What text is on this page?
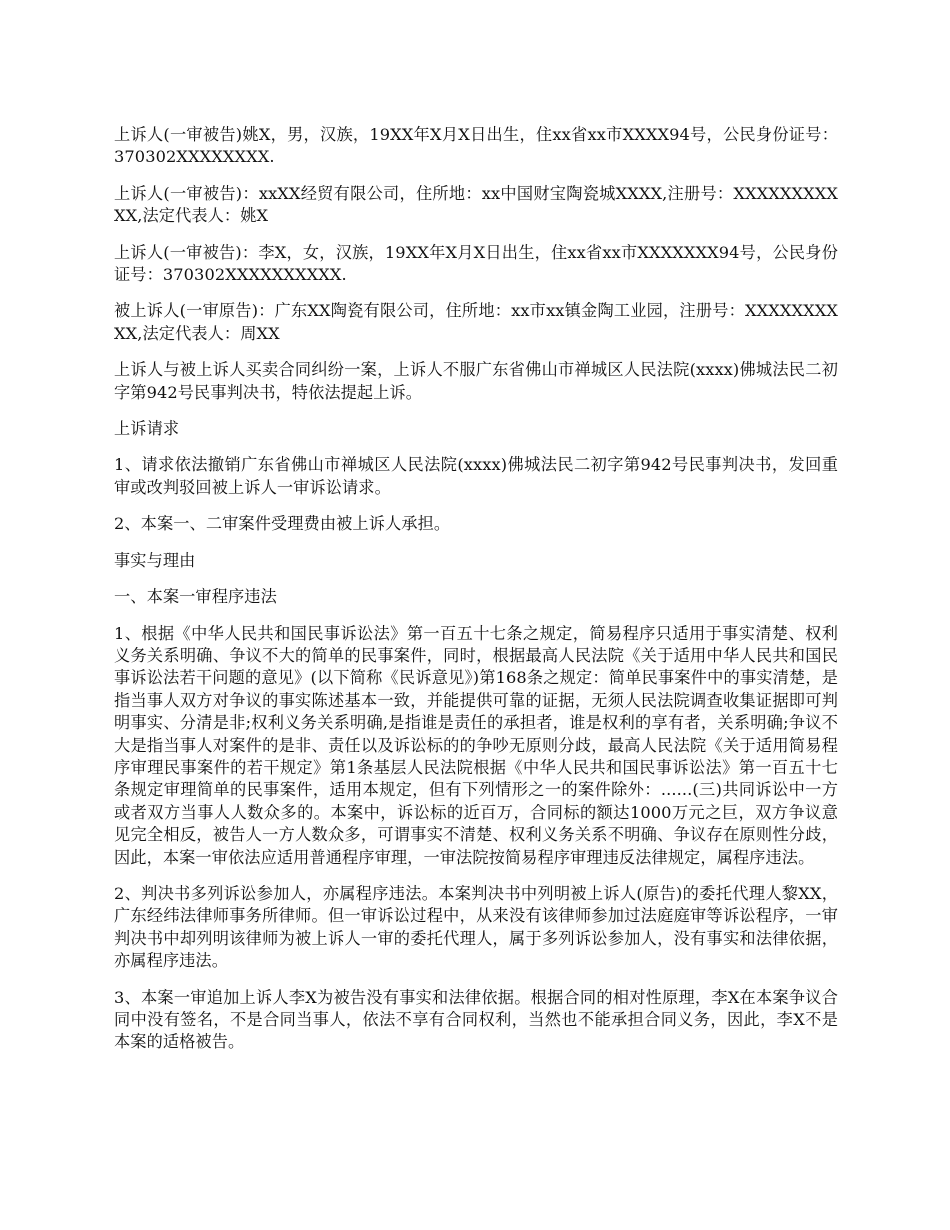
上诉人(一审被告)姚X，男，汉族，19XX年X月X日出生，住xx省xx市XXXX94号，公民身份证号：370302XXXXXXXX.

上诉人(一审被告)：xxXX经贸有限公司，住所地：xx中国财宝陶瓷城XXXX,注册号：XXXXXXXXXXX,法定代表人：姚X

上诉人(一审被告)：李X，女，汉族，19XX年X月X日出生，住xx省xx市XXXXXXX94号，公民身份证号：370302XXXXXXXXXX.

被上诉人(一审原告)：广东XX陶瓷有限公司，住所地：xx市xx镇金陶工业园，注册号：XXXXXXXXXX,法定代表人：周XX

上诉人与被上诉人买卖合同纠纷一案，上诉人不服广东省佛山市禅城区人民法院(xxxx)佛城法民二初字第942号民事判决书，特依法提起上诉。

上诉请求

1、请求依法撤销广东省佛山市禅城区人民法院(xxxx)佛城法民二初字第942号民事判决书，发回重审或改判驳回被上诉人一审诉讼请求。

2、本案一、二审案件受理费由被上诉人承担。

事实与理由

一、本案一审程序违法

1、根据《中华人民共和国民事诉讼法》第一百五十七条之规定，简易程序只适用于事实清楚、权利义务关系明确、争议不大的简单的民事案件，同时，根据最高人民法院《关于适用中华人民共和国民事诉讼法若干问题的意见》(以下简称《民诉意见》)第168条之规定：简单民事案件中的事实清楚，是指当事人双方对争议的事实陈述基本一致，并能提供可靠的证据，无须人民法院调查收集证据即可判明事实、分清是非;权利义务关系明确,是指谁是责任的承担者，谁是权利的享有者，关系明确;争议不大是指当事人对案件的是非、责任以及诉讼标的的争吵无原则分歧，最高人民法院《关于适用简易程序审理民事案件的若干规定》第1条基层人民法院根据《中华人民共和国民事诉讼法》第一百五十七条规定审理简单的民事案件，适用本规定，但有下列情形之一的案件除外：......(三)共同诉讼中一方或者双方当事人人数众多的。本案中，诉讼标的近百万，合同标的额达1000万元之巨，双方争议意见完全相反，被告人一方人数众多，可谓事实不清楚、权利义务关系不明确、争议存在原则性分歧，因此，本案一审依法应适用普通程序审理，一审法院按简易程序审理违反法律规定，属程序违法。

2、判决书多列诉讼参加人，亦属程序违法。本案判决书中列明被上诉人(原告)的委托代理人黎XX，广东经纬法律师事务所律师。但一审诉讼过程中，从来没有该律师参加过法庭庭审等诉讼程序，一审判决书中却列明该律师为被上诉人一审的委托代理人，属于多列诉讼参加人，没有事实和法律依据，亦属程序违法。

3、本案一审追加上诉人李X为被告没有事实和法律依据。根据合同的相对性原理，李X在本案争议合同中没有签名，不是合同当事人，依法不享有合同权利，当然也不能承担合同义务，因此，李X不是本案的适格被告。
